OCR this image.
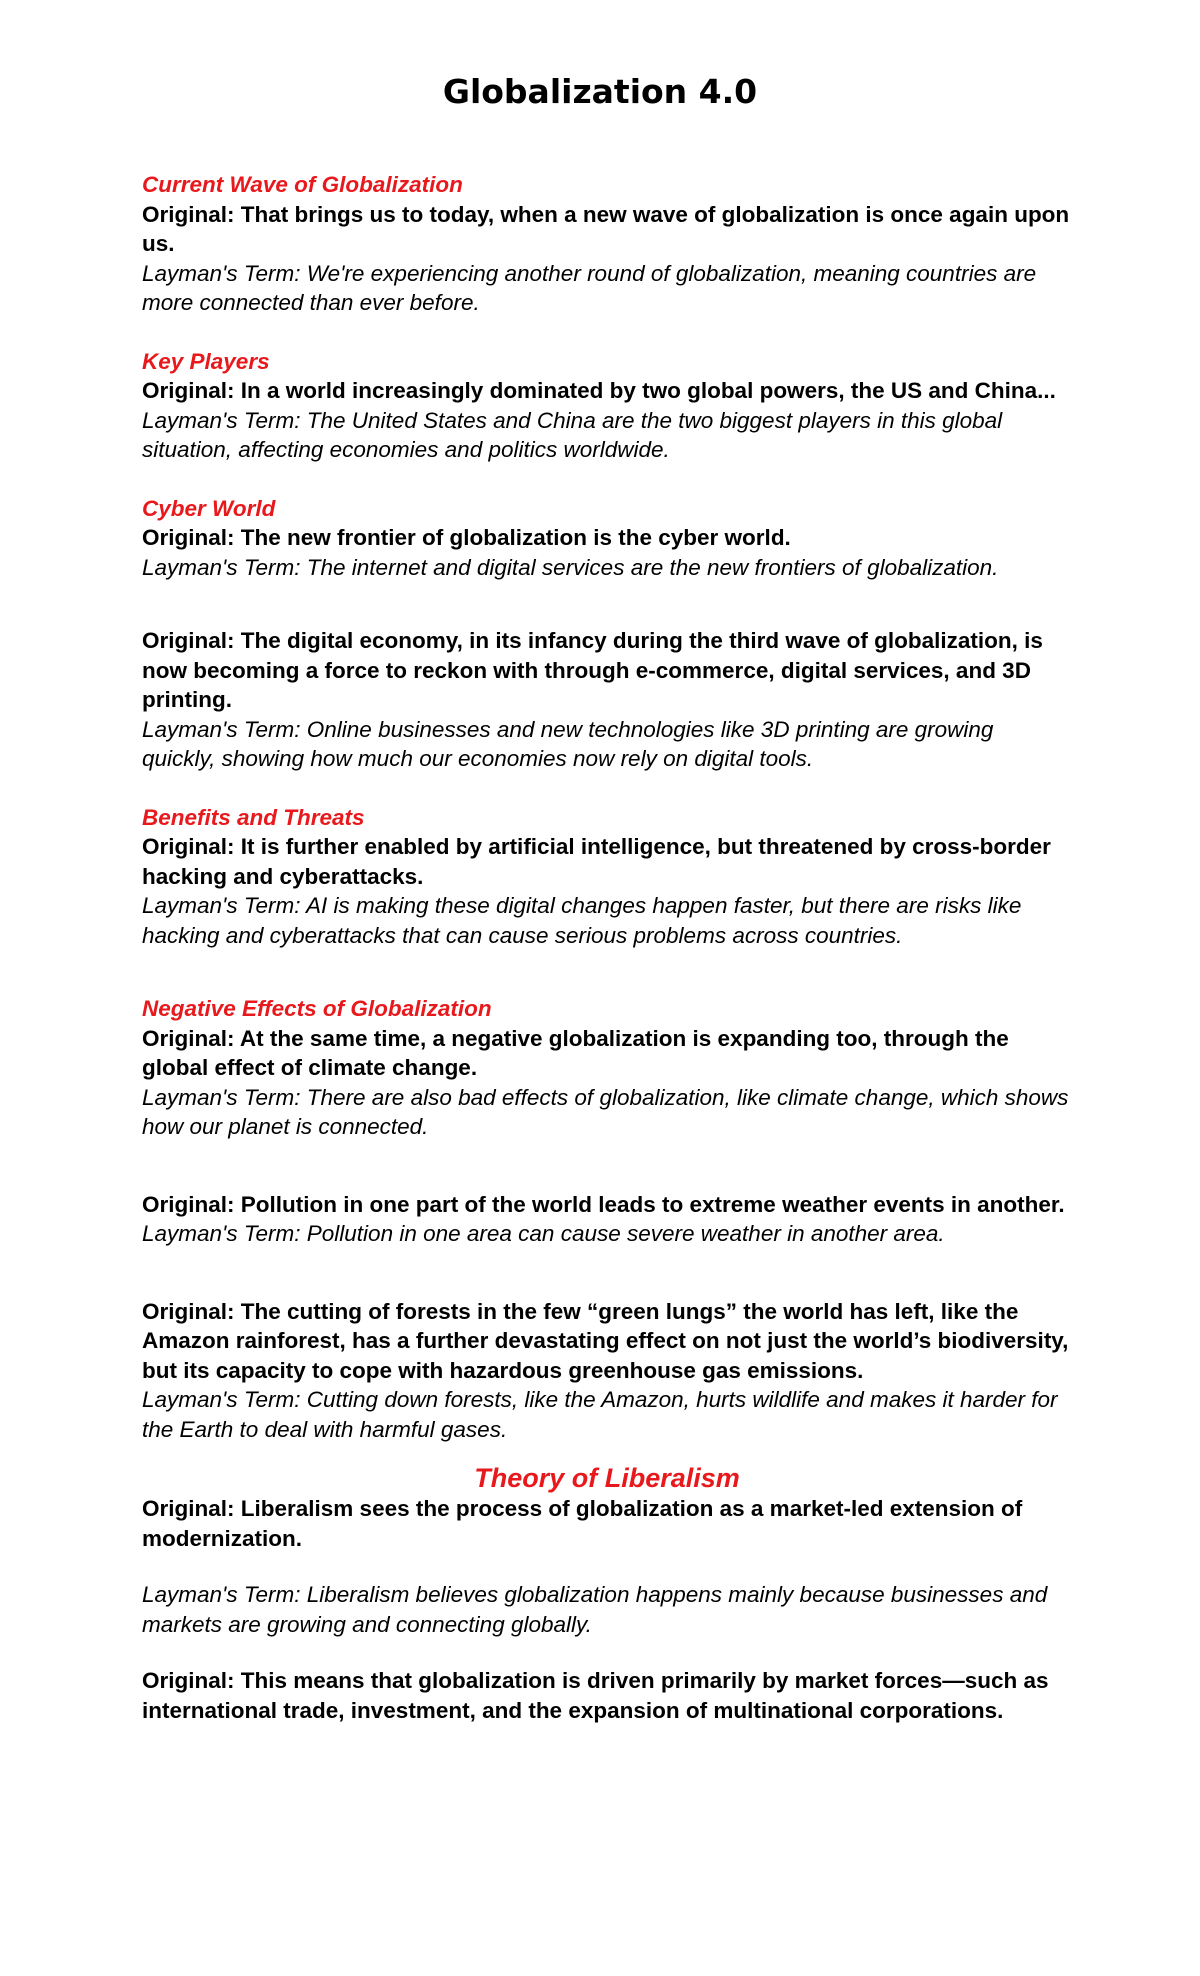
Globalization 4.0

Current Wave of Globalization

Original: That brings us to today, when a new wave of globalization is once again upon us.

Layman's Term: We're experiencing another round of globalization, meaning countries are more connected than ever before.

Key Players

Original: In a world increasingly dominated by two global powers, the US and China...

Layman's Term: The United States and China are the two biggest players in this global situation, affecting economies and politics worldwide.

Cyber World

Original: The new frontier of globalization is the cyber world.

Layman's Term: The internet and digital services are the new frontiers of globalization.

Original: The digital economy, in its infancy during the third wave of globalization, is now becoming a force to reckon with through e-commerce, digital services, and 3D printing.

Layman's Term: Online businesses and new technologies like 3D printing are growing quickly, showing how much our economies now rely on digital tools.

Benefits and Threats

Original: It is further enabled by artificial intelligence, but threatened by cross-border hacking and cyberattacks.

Layman's Term: AI is making these digital changes happen faster, but there are risks like hacking and cyberattacks that can cause serious problems across countries.

Negative Effects of Globalization

Original: At the same time, a negative globalization is expanding too, through the global effect of climate change.

Layman's Term: There are also bad effects of globalization, like climate change, which shows how our planet is connected.

Original: Pollution in one part of the world leads to extreme weather events in another.

Layman's Term: Pollution in one area can cause severe weather in another area.

Original: The cutting of forests in the few “green lungs” the world has left, like the Amazon rainforest, has a further devastating effect on not just the world’s biodiversity, but its capacity to cope with hazardous greenhouse gas emissions.

Layman's Term: Cutting down forests, like the Amazon, hurts wildlife and makes it harder for the Earth to deal with harmful gases.

Theory of Liberalism

Original: Liberalism sees the process of globalization as a market-led extension of modernization.

Layman's Term: Liberalism believes globalization happens mainly because businesses and markets are growing and connecting globally.

Original: This means that globalization is driven primarily by market forces—such as international trade, investment, and the expansion of multinational corporations.
